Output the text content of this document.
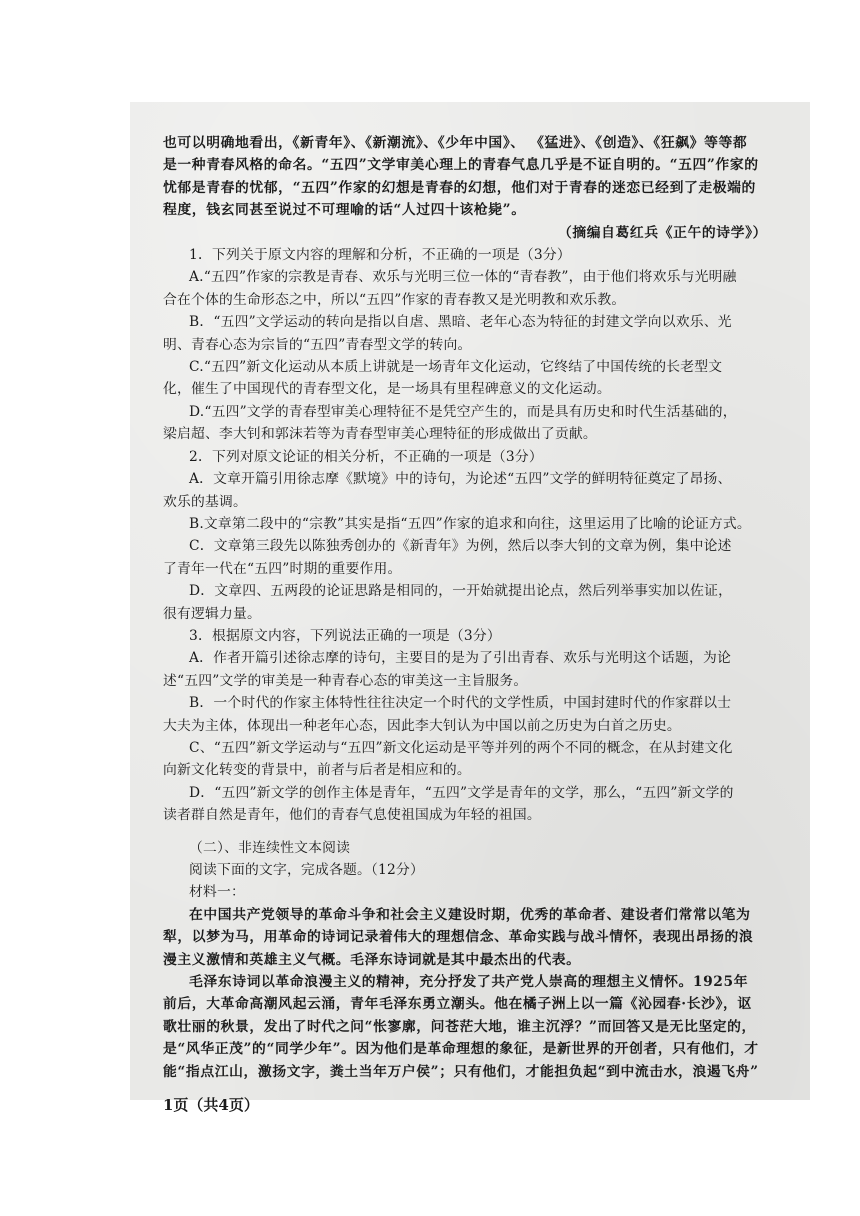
也可以明确地看出，《新青年》、《新潮流》、《少年中国》、 《猛进》、《创造》、《狂飙》等等都

是一种青春风格的命名。“五四”文学审美心理上的青春气息几乎是不证自明的。“五四”作家的

忧郁是青春的忧郁，“五四”作家的幻想是青春的幻想，他们对于青春的迷恋已经到了走极端的

程度，钱玄同甚至说过不可理喻的话“人过四十该枪毙”。

（摘编自葛红兵《正午的诗学》）

1．下列关于原文内容的理解和分析，不正确的一项是（3分）

A.“五四”作家的宗教是青春、欢乐与光明三位一体的“青春教”，由于他们将欢乐与光明融

合在个体的生命形态之中，所以“五四”作家的青春教又是光明教和欢乐教。

B．“五四”文学运动的转向是指以自虐、黑暗、老年心态为特征的封建文学向以欢乐、光

明、青春心态为宗旨的“五四”青春型文学的转向。

C.“五四”新文化运动从本质上讲就是一场青年文化运动，它终结了中国传统的长老型文

化，催生了中国现代的青春型文化，是一场具有里程碑意义的文化运动。

D.“五四”文学的青春型审美心理特征不是凭空产生的，而是具有历史和时代生活基础的，

梁启超、李大钊和郭沫若等为青春型审美心理特征的形成做出了贡献。

2．下列对原文论证的相关分析，不正确的一项是（3分）

A．文章开篇引用徐志摩《默境》中的诗句，为论述“五四”文学的鲜明特征奠定了昂扬、

欢乐的基调。

B.文章第二段中的“宗教”其实是指“五四”作家的追求和向往，这里运用了比喻的论证方式。

C．文章第三段先以陈独秀创办的《新青年》为例，然后以李大钊的文章为例，集中论述

了青年一代在“五四”时期的重要作用。

D．文章四、五两段的论证思路是相同的，一开始就提出论点，然后列举事实加以佐证，

很有逻辑力量。

3．根据原文内容，下列说法正确的一项是（3分）

A．作者开篇引述徐志摩的诗句，主要目的是为了引出青春、欢乐与光明这个话题，为论

述“五四”文学的审美是一种青春心态的审美这一主旨服务。

B．一个时代的作家主体特性往往决定一个时代的文学性质，中国封建时代的作家群以士

大夫为主体，体现出一种老年心态，因此李大钊认为中国以前之历史为白首之历史。

C、“五四”新文学运动与“五四”新文化运动是平等并列的两个不同的概念，在从封建文化

向新文化转变的背景中，前者与后者是相应和的。

D．“五四”新文学的创作主体是青年，“五四”文学是青年的文学，那么，“五四”新文学的

读者群自然是青年，他们的青春气息使祖国成为年轻的祖国。

（二）、非连续性文本阅读

阅读下面的文字，完成各题。（12分）

材料一：

在中国共产党领导的革命斗争和社会主义建设时期，优秀的革命者、建设者们常常以笔为

犁，以梦为马，用革命的诗词记录着伟大的理想信念、革命实践与战斗情怀，表现出昂扬的浪

漫主义激情和英雄主义气概。毛泽东诗词就是其中最杰出的代表。

毛泽东诗词以革命浪漫主义的精神，充分抒发了共产党人崇高的理想主义情怀。1925年

前后，大革命高潮风起云涌，青年毛泽东勇立潮头。他在橘子洲上以一篇《沁园春·长沙》，讴

歌壮丽的秋景，发出了时代之问“怅寥廓，问苍茫大地，谁主沉浮？”而回答又是无比坚定的，

是“风华正茂”的“同学少年”。因为他们是革命理想的象征，是新世界的开创者，只有他们，才

能“指点江山，激扬文字，粪土当年万户侯”；只有他们，才能担负起“到中流击水，浪遏飞舟”

1页（共4页）
